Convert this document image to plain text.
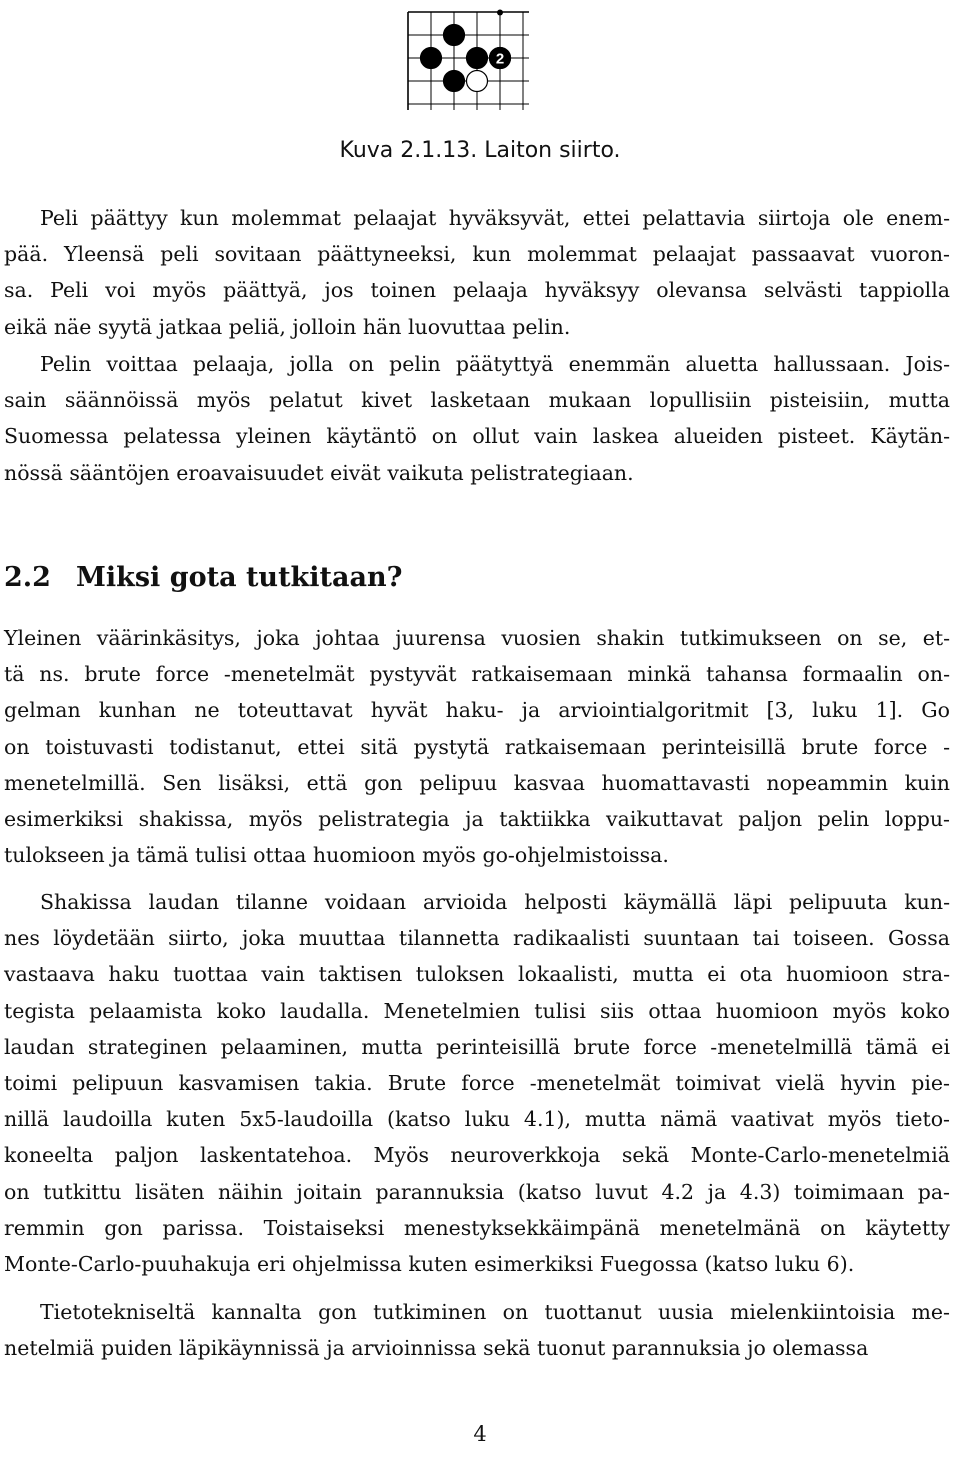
2
Kuva 2.1.13. Laiton siirto.
Peli päättyy kun molemmat pelaajat hyväksyvät, ettei pelattavia siirtoja ole enem-
pää. Yleensä peli sovitaan päättyneeksi, kun molemmat pelaajat passaavat vuoron-
sa. Peli voi myös päättyä, jos toinen pelaaja hyväksyy olevansa selvästi tappiolla
eikä näe syytä jatkaa peliä, jolloin hän luovuttaa pelin.
Pelin voittaa pelaaja, jolla on pelin päätyttyä enemmän aluetta hallussaan. Jois-
sain säännöissä myös pelatut kivet lasketaan mukaan lopullisiin pisteisiin, mutta
Suomessa pelatessa yleinen käytäntö on ollut vain laskea alueiden pisteet. Käytän-
nössä sääntöjen eroavaisuudet eivät vaikuta pelistrategiaan.
2.2 Miksi gota tutkitaan?
Yleinen väärinkäsitys, joka johtaa juurensa vuosien shakin tutkimukseen on se, et-
tä ns. brute force -menetelmät pystyvät ratkaisemaan minkä tahansa formaalin on-
gelman kunhan ne toteuttavat hyvät haku- ja arviointialgoritmit [3, luku 1]. Go
on toistuvasti todistanut, ettei sitä pystytä ratkaisemaan perinteisillä brute force -
menetelmillä. Sen lisäksi, että gon pelipuu kasvaa huomattavasti nopeammin kuin
esimerkiksi shakissa, myös pelistrategia ja taktiikka vaikuttavat paljon pelin loppu-
tulokseen ja tämä tulisi ottaa huomioon myös go-ohjelmistoissa.
Shakissa laudan tilanne voidaan arvioida helposti käymällä läpi pelipuuta kun-
nes löydetään siirto, joka muuttaa tilannetta radikaalisti suuntaan tai toiseen. Gossa
vastaava haku tuottaa vain taktisen tuloksen lokaalisti, mutta ei ota huomioon stra-
tegista pelaamista koko laudalla. Menetelmien tulisi siis ottaa huomioon myös koko
laudan strateginen pelaaminen, mutta perinteisillä brute force -menetelmillä tämä ei
toimi pelipuun kasvamisen takia. Brute force -menetelmät toimivat vielä hyvin pie-
nillä laudoilla kuten 5x5-laudoilla (katso luku 4.1), mutta nämä vaativat myös tieto-
koneelta paljon laskentatehoa. Myös neuroverkkoja sekä Monte-Carlo-menetelmiä
on tutkittu lisäten näihin joitain parannuksia (katso luvut 4.2 ja 4.3) toimimaan pa-
remmin gon parissa. Toistaiseksi menestyksekkäimpänä menetelmänä on käytetty
Monte-Carlo-puuhakuja eri ohjelmissa kuten esimerkiksi Fuegossa (katso luku 6).
Tietotekniseltä kannalta gon tutkiminen on tuottanut uusia mielenkiintoisia me-
netelmiä puiden läpikäynnissä ja arvioinnissa sekä tuonut parannuksia jo olemassa
4
